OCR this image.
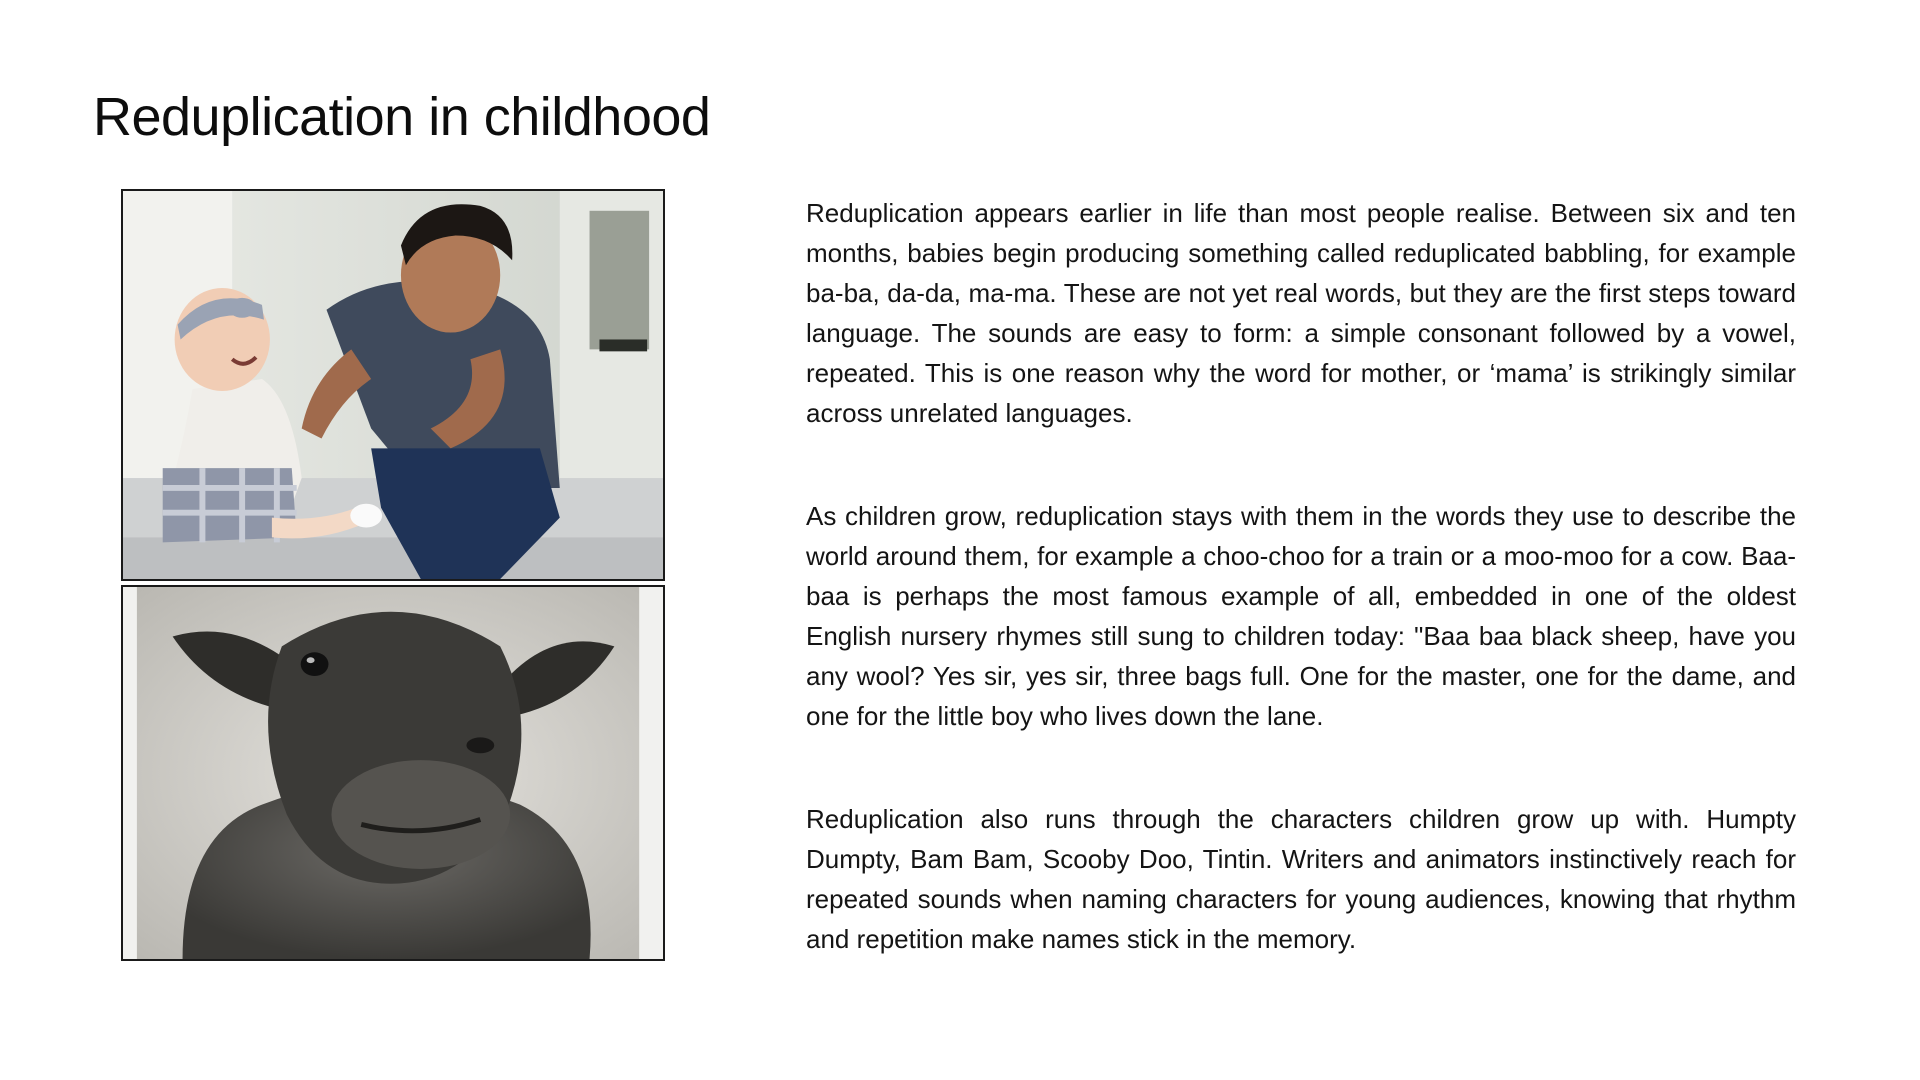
Reduplication in childhood

Reduplication appears earlier in life than most people realise. Between six and ten months, babies begin producing something called reduplicated babbling, for example ba-ba, da-da, ma-ma. These are not yet real words, but they are the first steps toward language. The sounds are easy to form: a simple consonant followed by a vowel, repeated. This is one reason why the word for mother, or ‘mama’ is strikingly similar across unrelated languages.

As children grow, reduplication stays with them in the words they use to describe the world around them, for example a choo-choo for a train or a moo-moo for a cow. Baa-baa is perhaps the most famous example of all, embedded in one of the oldest English nursery rhymes still sung to children today: "Baa baa black sheep, have you any wool? Yes sir, yes sir, three bags full. One for the master, one for the dame, and one for the little boy who lives down the lane.

Reduplication also runs through the characters children grow up with. Humpty Dumpty, Bam Bam, Scooby Doo, Tintin. Writers and animators instinctively reach for repeated sounds when naming characters for young audiences, knowing that rhythm and repetition make names stick in the memory.
